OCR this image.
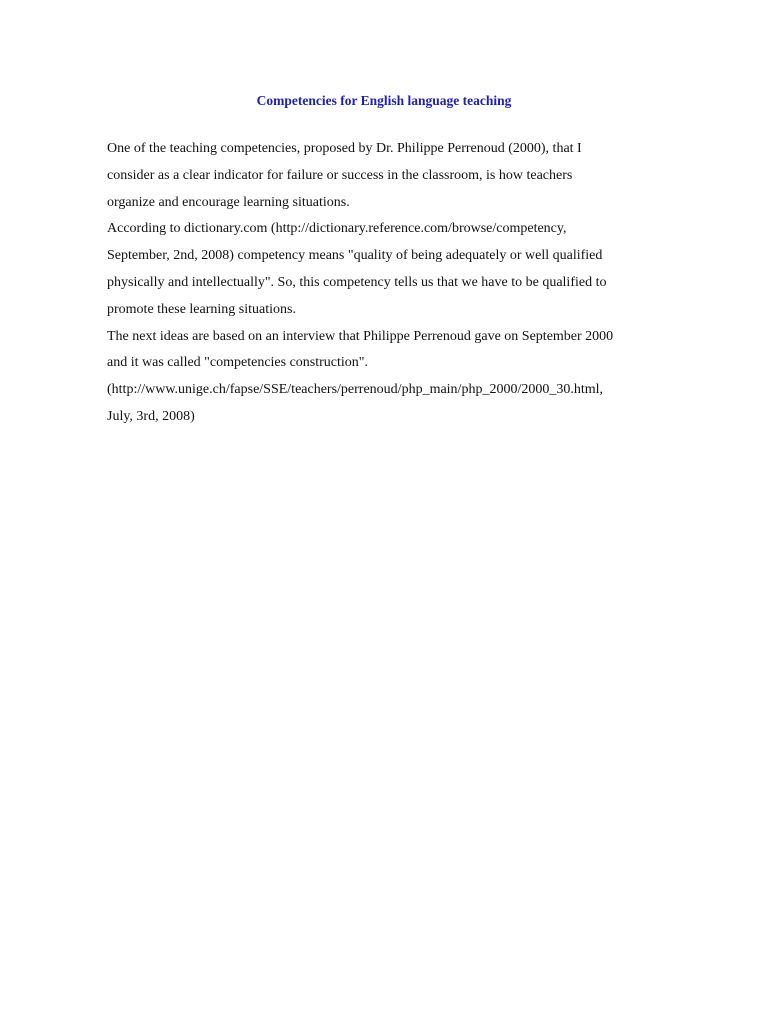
Competencies for English language teaching

One of the teaching competencies, proposed by Dr. Philippe Perrenoud (2000), that I
consider as a clear indicator for failure or success in the classroom, is how teachers
organize and encourage learning situations.

According to dictionary.com (http://dictionary.reference.com/browse/competency,
September, 2nd, 2008) competency means "quality of being adequately or well qualified
physically and intellectually". So, this competency tells us that we have to be qualified to
promote these learning situations.

The next ideas are based on an interview that Philippe Perrenoud gave on September 2000
and it was called "competencies construction".
(http://www.unige.ch/fapse/SSE/teachers/perrenoud/php_main/php_2000/2000_30.html,
July, 3rd, 2008)
